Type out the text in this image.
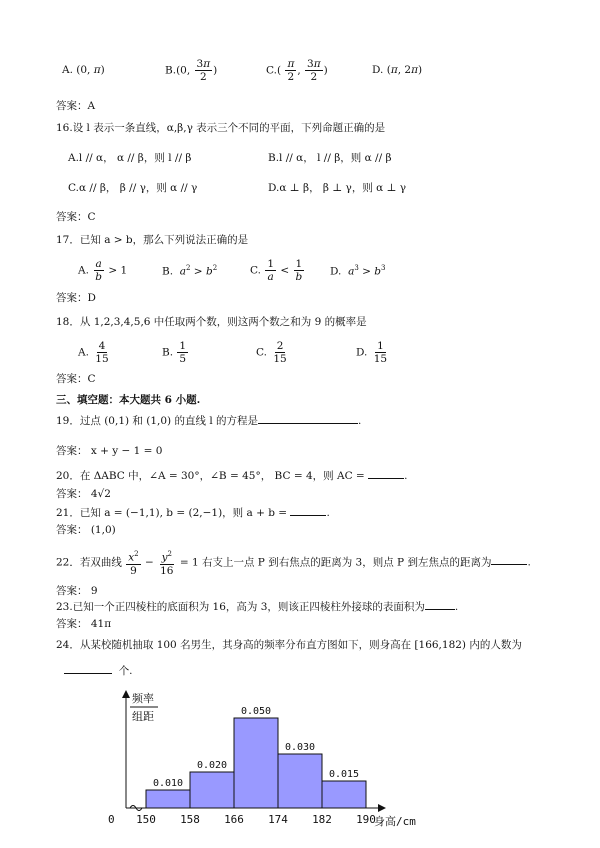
A. (0, π)	B.(0, $\frac{3\pi}{2}$ )	$C.( \frac{\pi}{2}$ , $\frac{3\pi}{2}$ )	D. (π, 2π)
答案：A
16.设 l 表示一条直线，α,β,γ 表示三个不同的平面，下列命题正确的是
A.l // α， α // β，则 l // β	B.l // α， l // β，则 α // β
C.α // β， β // γ，则 α // γ	D.α ⊥ β， β ⊥ γ，则 α ⊥ γ
答案：C
17．已知 a > b，那么下列说法正确的是
A. $\frac{a}{b} > 1$	B.  $a^2 > b^2$	C. $\frac{1}{a} < \frac{1}{b} D$.  $a^3 > b^3$
答案：D
18．从 1,2,3,4,5,6 中任取两个数，则这两个数之和为 9 的概率是
A. $\frac{4}{15}$	B. $\frac{1}{5}$	C. $\frac{2}{15}$	D. $\frac{1}{15}$
答案：C
三、填空题：本大题共 6 小题.
19．过点 (0,1) 和 (1,0) 的直线 l 的方程是	.
答案： x + y − 1 = 0
20．在 ΔABC 中，∠A = 30°，∠B = 45°， BC = 4，则 AC =	.
答案： 4√2
21．已知 a = (−1,1), b = (2,−1)，则 a + b =	.
答案： (1,0)
22．若双曲线 $\frac{x^2}{9} - \frac{y^2}{16} = 1$ 右支上一点 P 到右焦点的距离为 3，则点 P 到左焦点的距离为	.
答案： 9
23.已知一个正四棱柱的底面积为 16，高为 3，则该正四棱柱外接球的表面积为	.
答案： 41π
24．从某校随机抽取 100 名男生，其身高的频率分布直方图如下，则身高在 [166,182) 内的人数为
个.
0.010
0.020
0.050
0.030
0.015
150 158 166 174 182 190
0	身高/cm
频率
组距
